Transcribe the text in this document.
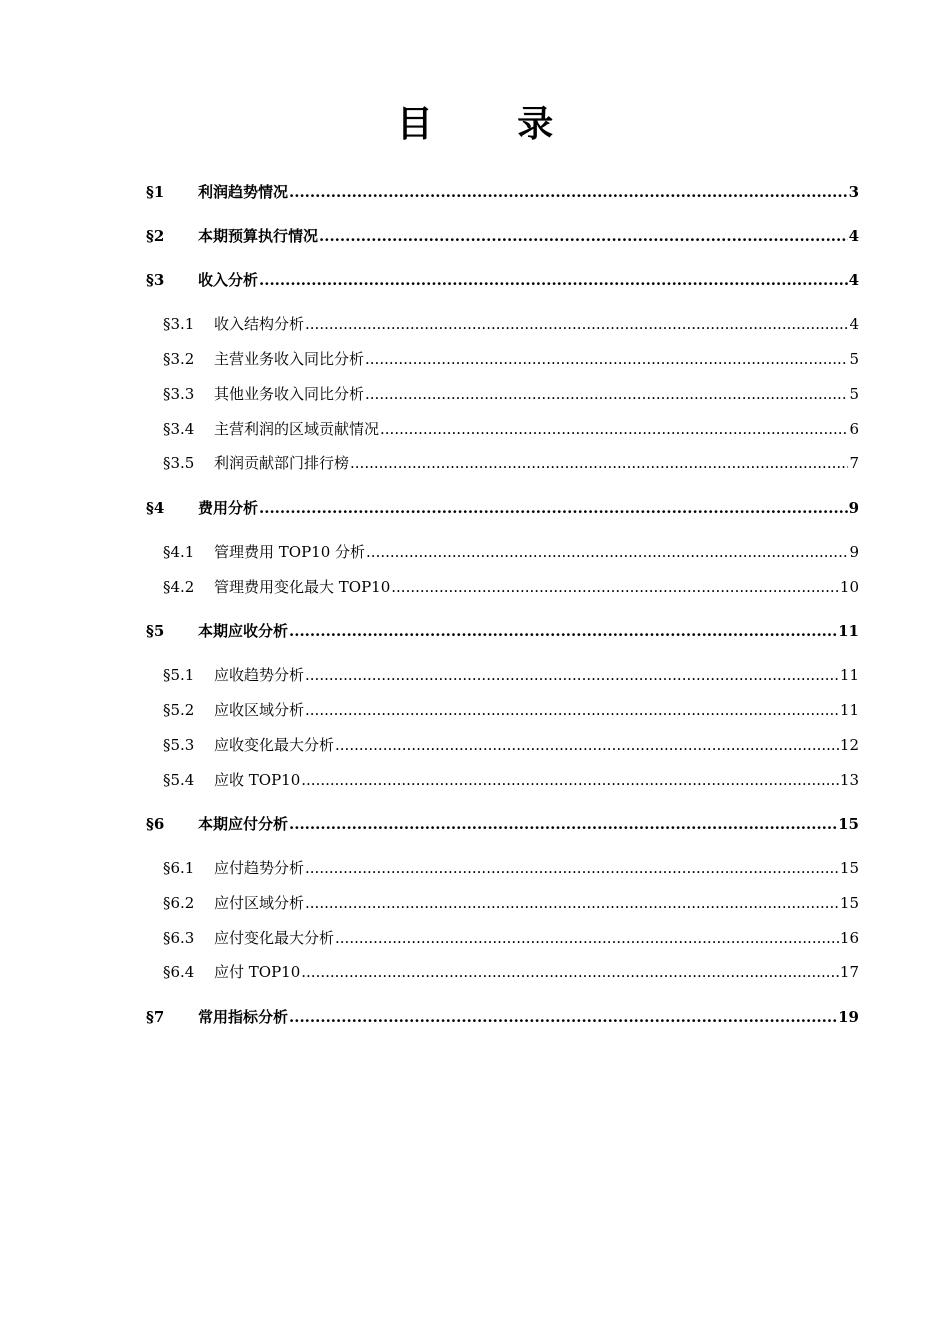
目 录
§1	利润趋势情况 .....	3
§2	本期预算执行情况 .....	4
§3	收入分析 .....	4
§3.1	收入结构分析 .....	4
§3.2	主营业务收入同比分析 .....	5
§3.3	其他业务收入同比分析 .....	5
§3.4	主营利润的区域贡献情况 .....	6
§3.5	利润贡献部门排行榜 .....	7
§4	费用分析 .....	9
§4.1	管理费用 TOP10 分析 .....	9
§4.2	管理费用变化最大 TOP10 .....	10
§5	本期应收分析 .....	11
§5.1	应收趋势分析 .....	11
§5.2	应收区域分析 .....	11
§5.3	应收变化最大分析 .....	12
§5.4	应收 TOP10 .....	13
§6	本期应付分析 .....	15
§6.1	应付趋势分析 .....	15
§6.2	应付区域分析 .....	15
§6.3	应付变化最大分析 .....	16
§6.4	应付 TOP10 .....	17
§7	常用指标分析 .....	19
